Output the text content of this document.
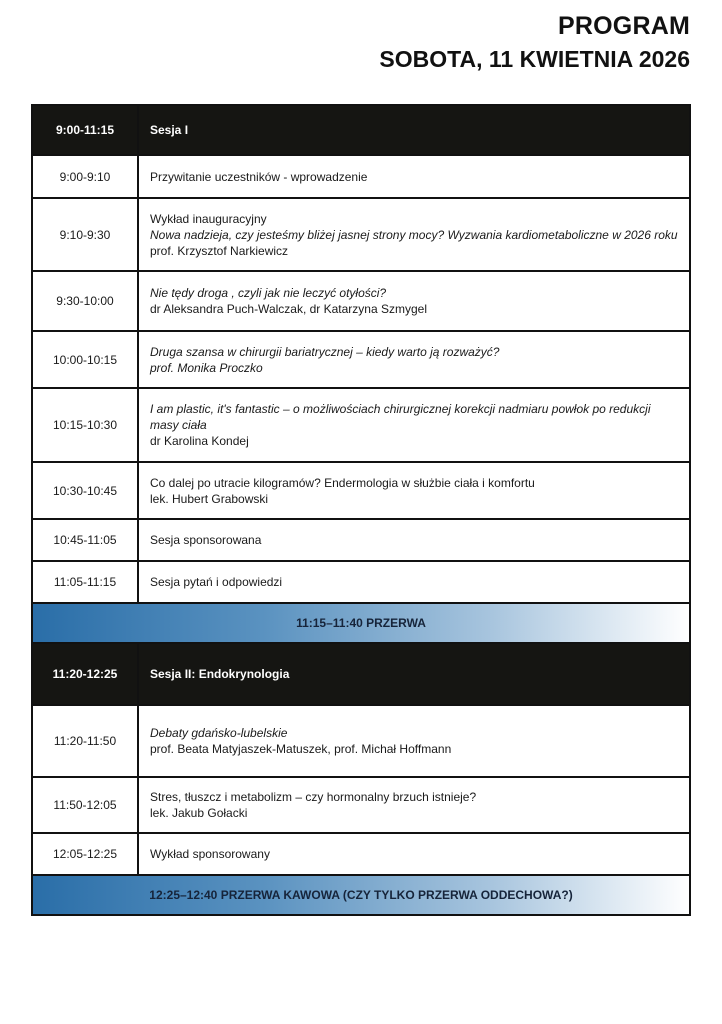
PROGRAM
SOBOTA, 11 KWIETNIA 2026
9:00-11:15	Sesja I
9:00-9:10	Przywitanie uczestników - wprowadzenie

9:10-9:30	Wykład inauguracyjny
Nowa nadzieja, czy jesteśmy bliżej jasnej strony mocy? Wyzwania kardiometaboliczne w 2026 roku
prof. Krzysztof Narkiewicz

9:30-10:00	Nie tędy droga , czyli jak nie leczyć otyłości?
dr Aleksandra Puch-Walczak, dr Katarzyna Szmygel

10:00-10:15	Druga szansa w chirurgii bariatrycznej – kiedy warto ją rozważyć?
prof. Monika Proczko

10:15-10:30	I am plastic, it's fantastic – o możliwościach chirurgicznej korekcji nadmiaru powłok po redukcji masy ciała
dr Karolina Kondej

10:30-10:45	Co dalej po utracie kilogramów? Endermologia w służbie ciała i komfortu
lek. Hubert Grabowski

10:45-11:05	Sesja sponsorowana

11:05-11:15	Sesja pytań i odpowiedzi

11:15–11:40 PRZERWA	
11:20-12:25	Sesja II: Endokrynologia
11:20-11:50	Debaty gdańsko-lubelskie
prof. Beata Matyjaszek-Matuszek, prof. Michał Hoffmann

11:50-12:05	Stres, tłuszcz i metabolizm – czy hormonalny brzuch istnieje?
lek. Jakub Gołacki

12:05-12:25	Wykład sponsorowany

12:25–12:40 PRZERWA KAWOWA (CZY TYLKO PRZERWA ODDECHOWA?)	
